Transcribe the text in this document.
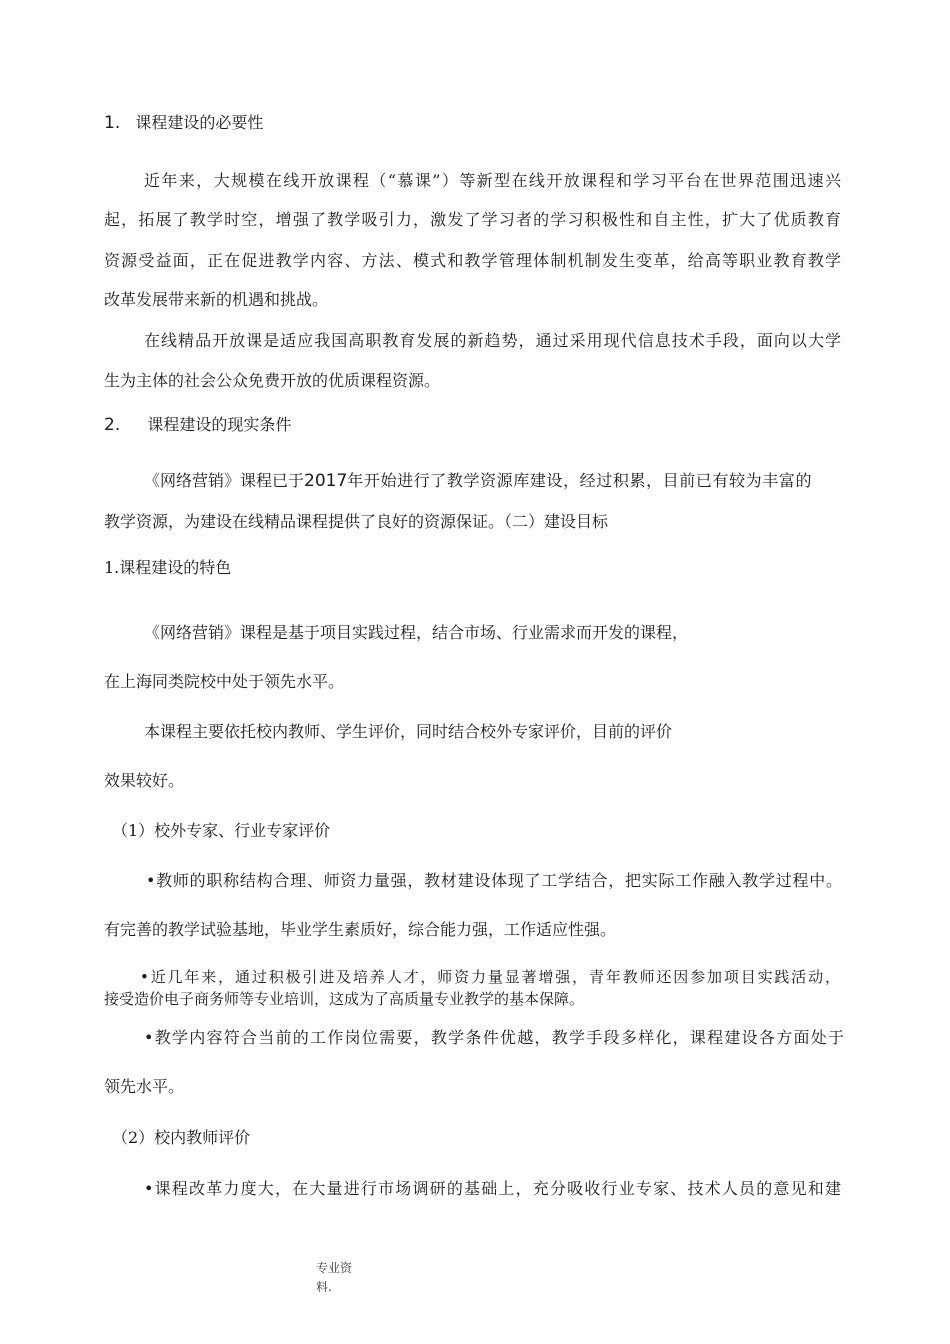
1. 课程建设的必要性
近年来，大规模在线开放课程（“慕课”）等新型在线开放课程和学习平台在世界范围迅速兴
起，拓展了教学时空，增强了教学吸引力，激发了学习者的学习积极性和自主性，扩大了优质教育
资源受益面，正在促进教学内容、方法、模式和教学管理体制机制发生变革，给高等职业教育教学
改革发展带来新的机遇和挑战。
在线精品开放课是适应我国高职教育发展的新趋势，通过采用现代信息技术手段，面向以大学
生为主体的社会公众免费开放的优质课程资源。
2. 课程建设的现实条件
《网络营销》课程已于2017年开始进行了教学资源库建设，经过积累，目前已有较为丰富的
教学资源，为建设在线精品课程提供了良好的资源保证。（二）建设目标
1.课程建设的特色
《网络营销》课程是基于项目实践过程，结合市场、行业需求而开发的课程，
在上海同类院校中处于领先水平。
本课程主要依托校内教师、学生评价，同时结合校外专家评价，目前的评价
效果较好。
（1）校外专家、行业专家评价
•教师的职称结构合理、师资力量强，教材建设体现了工学结合，把实际工作融入教学过程中。
有完善的教学试验基地，毕业学生素质好，综合能力强，工作适应性强。
•近几年来，通过积极引进及培养人才，师资力量显著增强，青年教师还因参加项目实践活动，
接受造价电子商务师等专业培训，这成为了高质量专业教学的基本保障。
•教学内容符合当前的工作岗位需要，教学条件优越，教学手段多样化，课程建设各方面处于
领先水平。
（2）校内教师评价
•课程改革力度大，在大量进行市场调研的基础上，充分吸收行业专家、技术人员的意见和建
专业资
料.
